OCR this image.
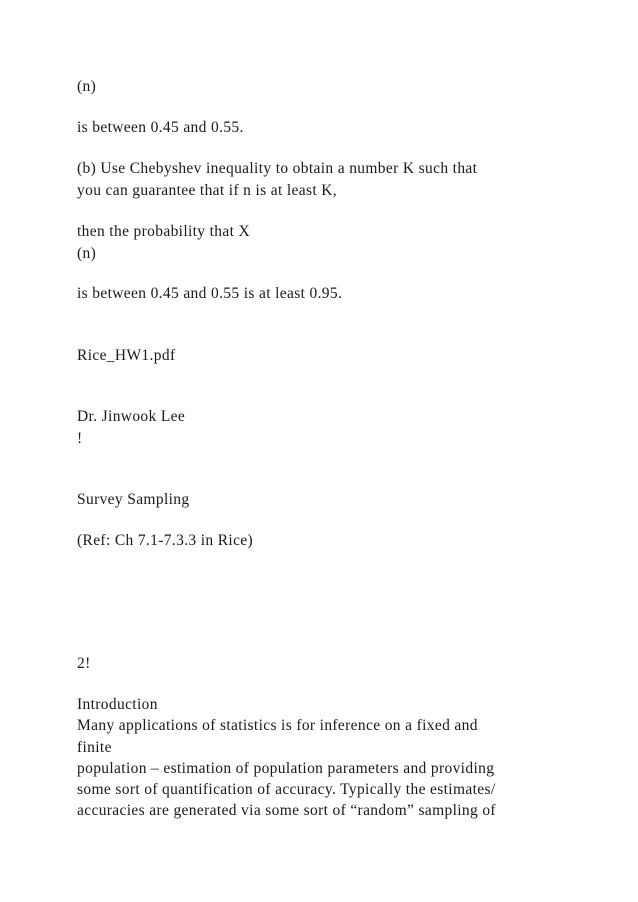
(n)

is between 0.45 and 0.55.

(b) Use Chebyshev inequality to obtain a number K such that

you can guarantee that if n is at least K,

then the probability that X

(n)

is between 0.45 and 0.55 is at least 0.95.

Rice_HW1.pdf

Dr. Jinwook Lee

!

Survey Sampling

(Ref: Ch 7.1-7.3.3 in Rice)

2!

Introduction

Many applications of statistics is for inference on a fixed and

finite

population – estimation of population parameters and providing

some sort of quantification of accuracy. Typically the estimates/

accuracies are generated via some sort of “random” sampling of
